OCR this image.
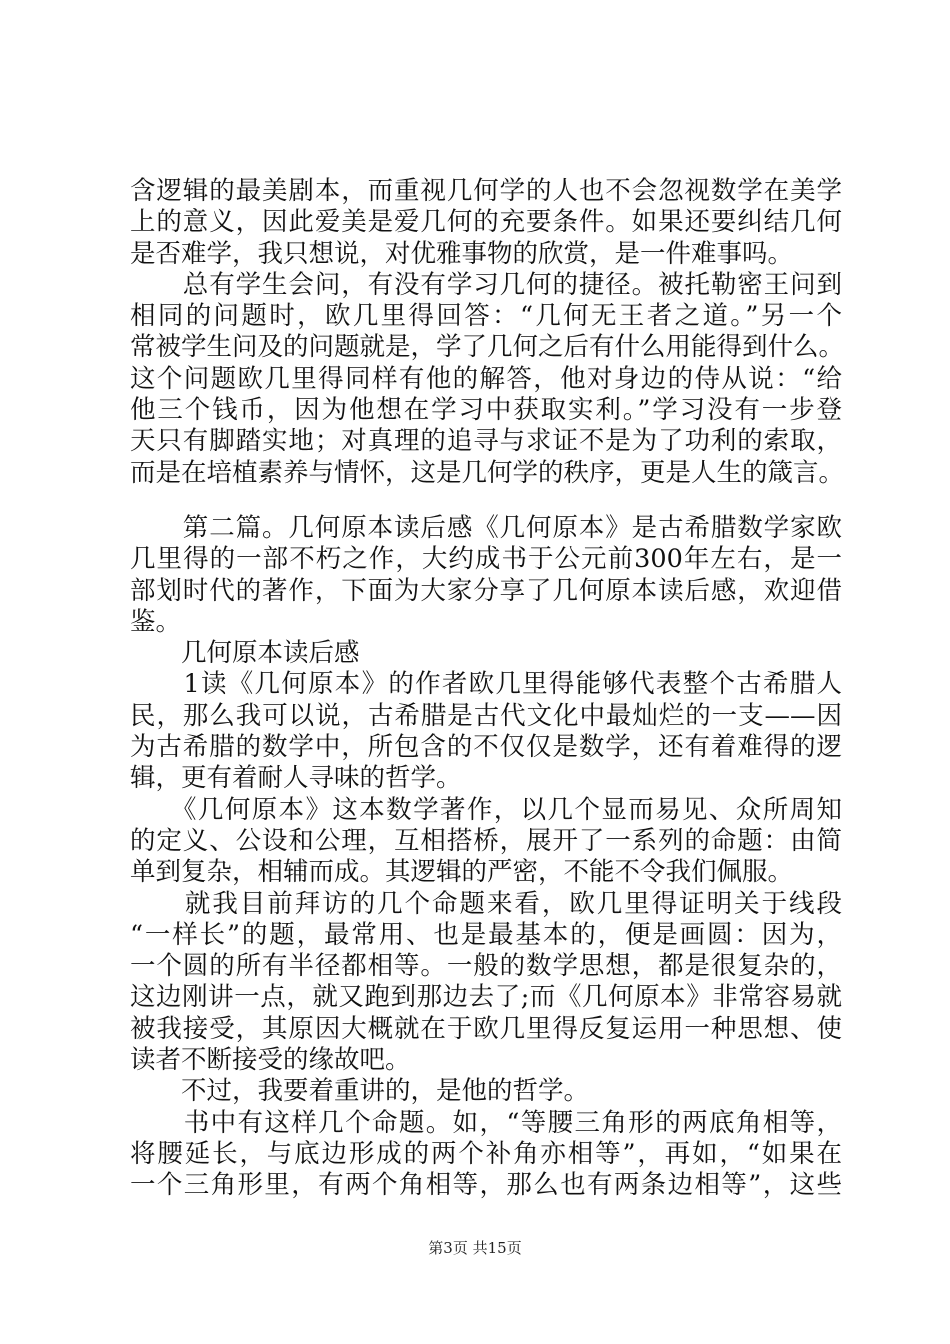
含逻辑的最美剧本，而重视几何学的人也不会忽视数学在美学
上的意义，因此爱美是爱几何的充要条件。如果还要纠结几何
是否难学，我只想说，对优雅事物的欣赏，是一件难事吗。
　　总有学生会问，有没有学习几何的捷径。被托勒密王问到
相同的问题时，欧几里得回答：“几何无王者之道。”另一个
常被学生问及的问题就是，学了几何之后有什么用能得到什么。
这个问题欧几里得同样有他的解答，他对身边的侍从说：“给
他三个钱币，因为他想在学习中获取实利。”学习没有一步登
天只有脚踏实地；对真理的追寻与求证不是为了功利的索取，
而是在培植素养与情怀，这是几何学的秩序，更是人生的箴言。
　　第二篇。几何原本读后感《几何原本》是古希腊数学家欧
几里得的一部不朽之作，大约成书于公元前300年左右，是一
部划时代的著作，下面为大家分享了几何原本读后感，欢迎借
鉴。
　　几何原本读后感
　　1读《几何原本》的作者欧几里得能够代表整个古希腊人
民，那么我可以说，古希腊是古代文化中最灿烂的一支——因
为古希腊的数学中，所包含的不仅仅是数学，还有着难得的逻
辑，更有着耐人寻味的哲学。
　　《几何原本》这本数学著作，以几个显而易见、众所周知
的定义、公设和公理，互相搭桥，展开了一系列的命题：由简
单到复杂，相辅而成。其逻辑的严密，不能不令我们佩服。
　　就我目前拜访的几个命题来看，欧几里得证明关于线段
“一样长”的题，最常用、也是最基本的，便是画圆：因为，
一个圆的所有半径都相等。一般的数学思想，都是很复杂的，
这边刚讲一点，就又跑到那边去了;而《几何原本》非常容易就
被我接受，其原因大概就在于欧几里得反复运用一种思想、使
读者不断接受的缘故吧。
　　不过，我要着重讲的，是他的哲学。
　　书中有这样几个命题。如，“等腰三角形的两底角相等，
将腰延长，与底边形成的两个补角亦相等”，再如，“如果在
一个三角形里，有两个角相等，那么也有两条边相等”，这些
第3页 共15页
